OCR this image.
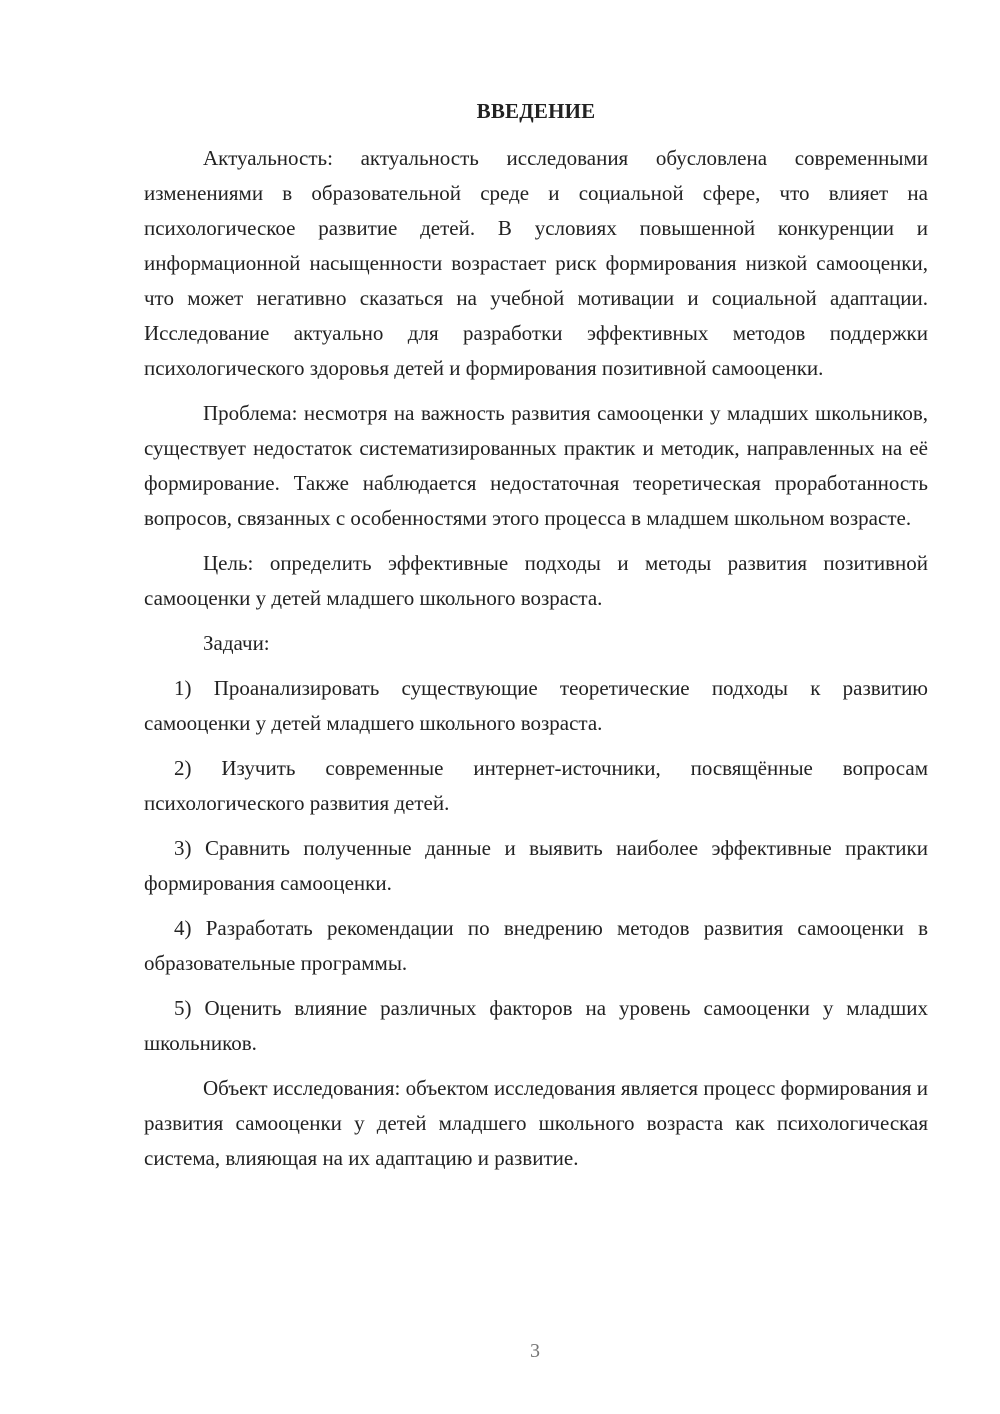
ВВЕДЕНИЕ

Актуальность: актуальность исследования обусловлена современными изменениями в образовательной среде и социальной сфере, что влияет на психологическое развитие детей. В условиях повышенной конкуренции и информационной насыщенности возрастает риск формирования низкой самооценки, что может негативно сказаться на учебной мотивации и социальной адаптации. Исследование актуально для разработки эффективных методов поддержки психологического здоровья детей и формирования позитивной самооценки.

Проблема: несмотря на важность развития самооценки у младших школьников, существует недостаток систематизированных практик и методик, направленных на её формирование. Также наблюдается недостаточная теоретическая проработанность вопросов, связанных с особенностями этого процесса в младшем школьном возрасте.

Цель: определить эффективные подходы и методы развития позитивной самооценки у детей младшего школьного возраста.

Задачи:

1) Проанализировать существующие теоретические подходы к развитию самооценки у детей младшего школьного возраста.

2) Изучить современные интернет-источники, посвящённые вопросам психологического развития детей.

3) Сравнить полученные данные и выявить наиболее эффективные практики формирования самооценки.

4) Разработать рекомендации по внедрению методов развития самооценки в образовательные программы.

5) Оценить влияние различных факторов на уровень самооценки у младших школьников.

Объект исследования: объектом исследования является процесс формирования и развития самооценки у детей младшего школьного возраста как психологическая система, влияющая на их адаптацию и развитие.

3
